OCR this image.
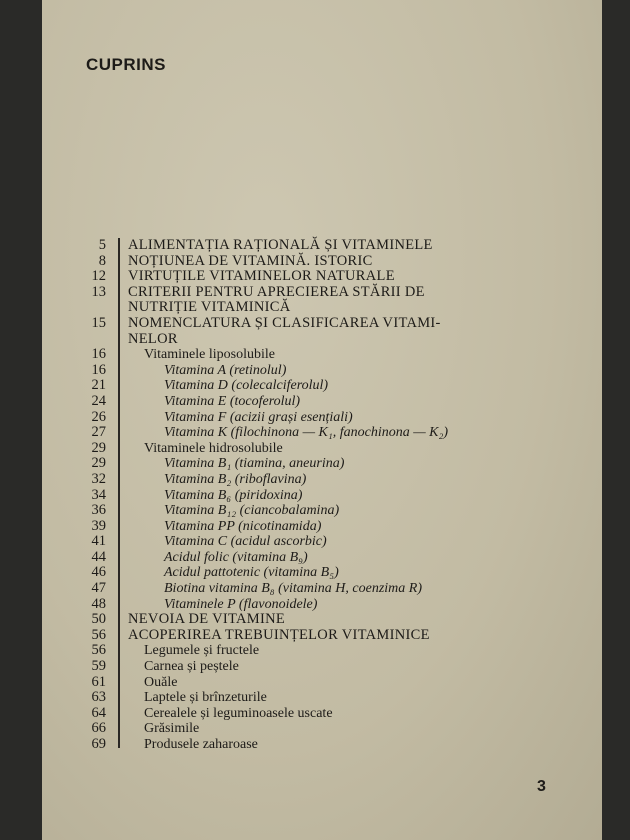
CUPRINS
5 ALIMENTAȚIA RAȚIONALĂ ȘI VITAMINELE
8 NOȚIUNEA DE VITAMINĂ. ISTORIC
12 VIRTUȚILE VITAMINELOR NATURALE
13 CRITERII PENTRU APRECIEREA STĂRII DE
NUTRIȚIE VITAMINICĂ
15 NOMENCLATURA ȘI CLASIFICAREA VITAMI-
NELOR
16	Vitaminele liposolubile
16	Vitamina A (retinolul)
21	Vitamina D (colecalciferolul)
24	Vitamina E (tocoferolul)
26	Vitamina F (acizii grași esențiali)
27	Vitamina K (filochinona — K₁, fanochinona — K₂)
29	Vitaminele hidrosolubile
29	Vitamina B₁ (tiamina, aneurina)
32	Vitamina B₂ (riboflavina)
34	Vitamina B₆ (piridoxina)
36	Vitamina B₁₂ (ciancobalamina)
39	Vitamina PP (nicotinamida)
41	Vitamina C (acidul ascorbic)
44	Acidul folic (vitamina B₉)
46	Acidul pattotenic (vitamina B₅)
47	Biotina vitamina B₈ (vitamina H, coenzima R)
48	Vitaminele P (flavonoidele)
50 NEVOIA DE VITAMINE
56 ACOPERIREA TREBUINȚELOR VITAMINICE
56	Legumele și fructele
59	Carnea și peștele
61	Ouăle
63	Laptele și brînzeturile
64	Cerealele și leguminoasele uscate
66	Grăsimile
69	Produsele zaharoase
3
